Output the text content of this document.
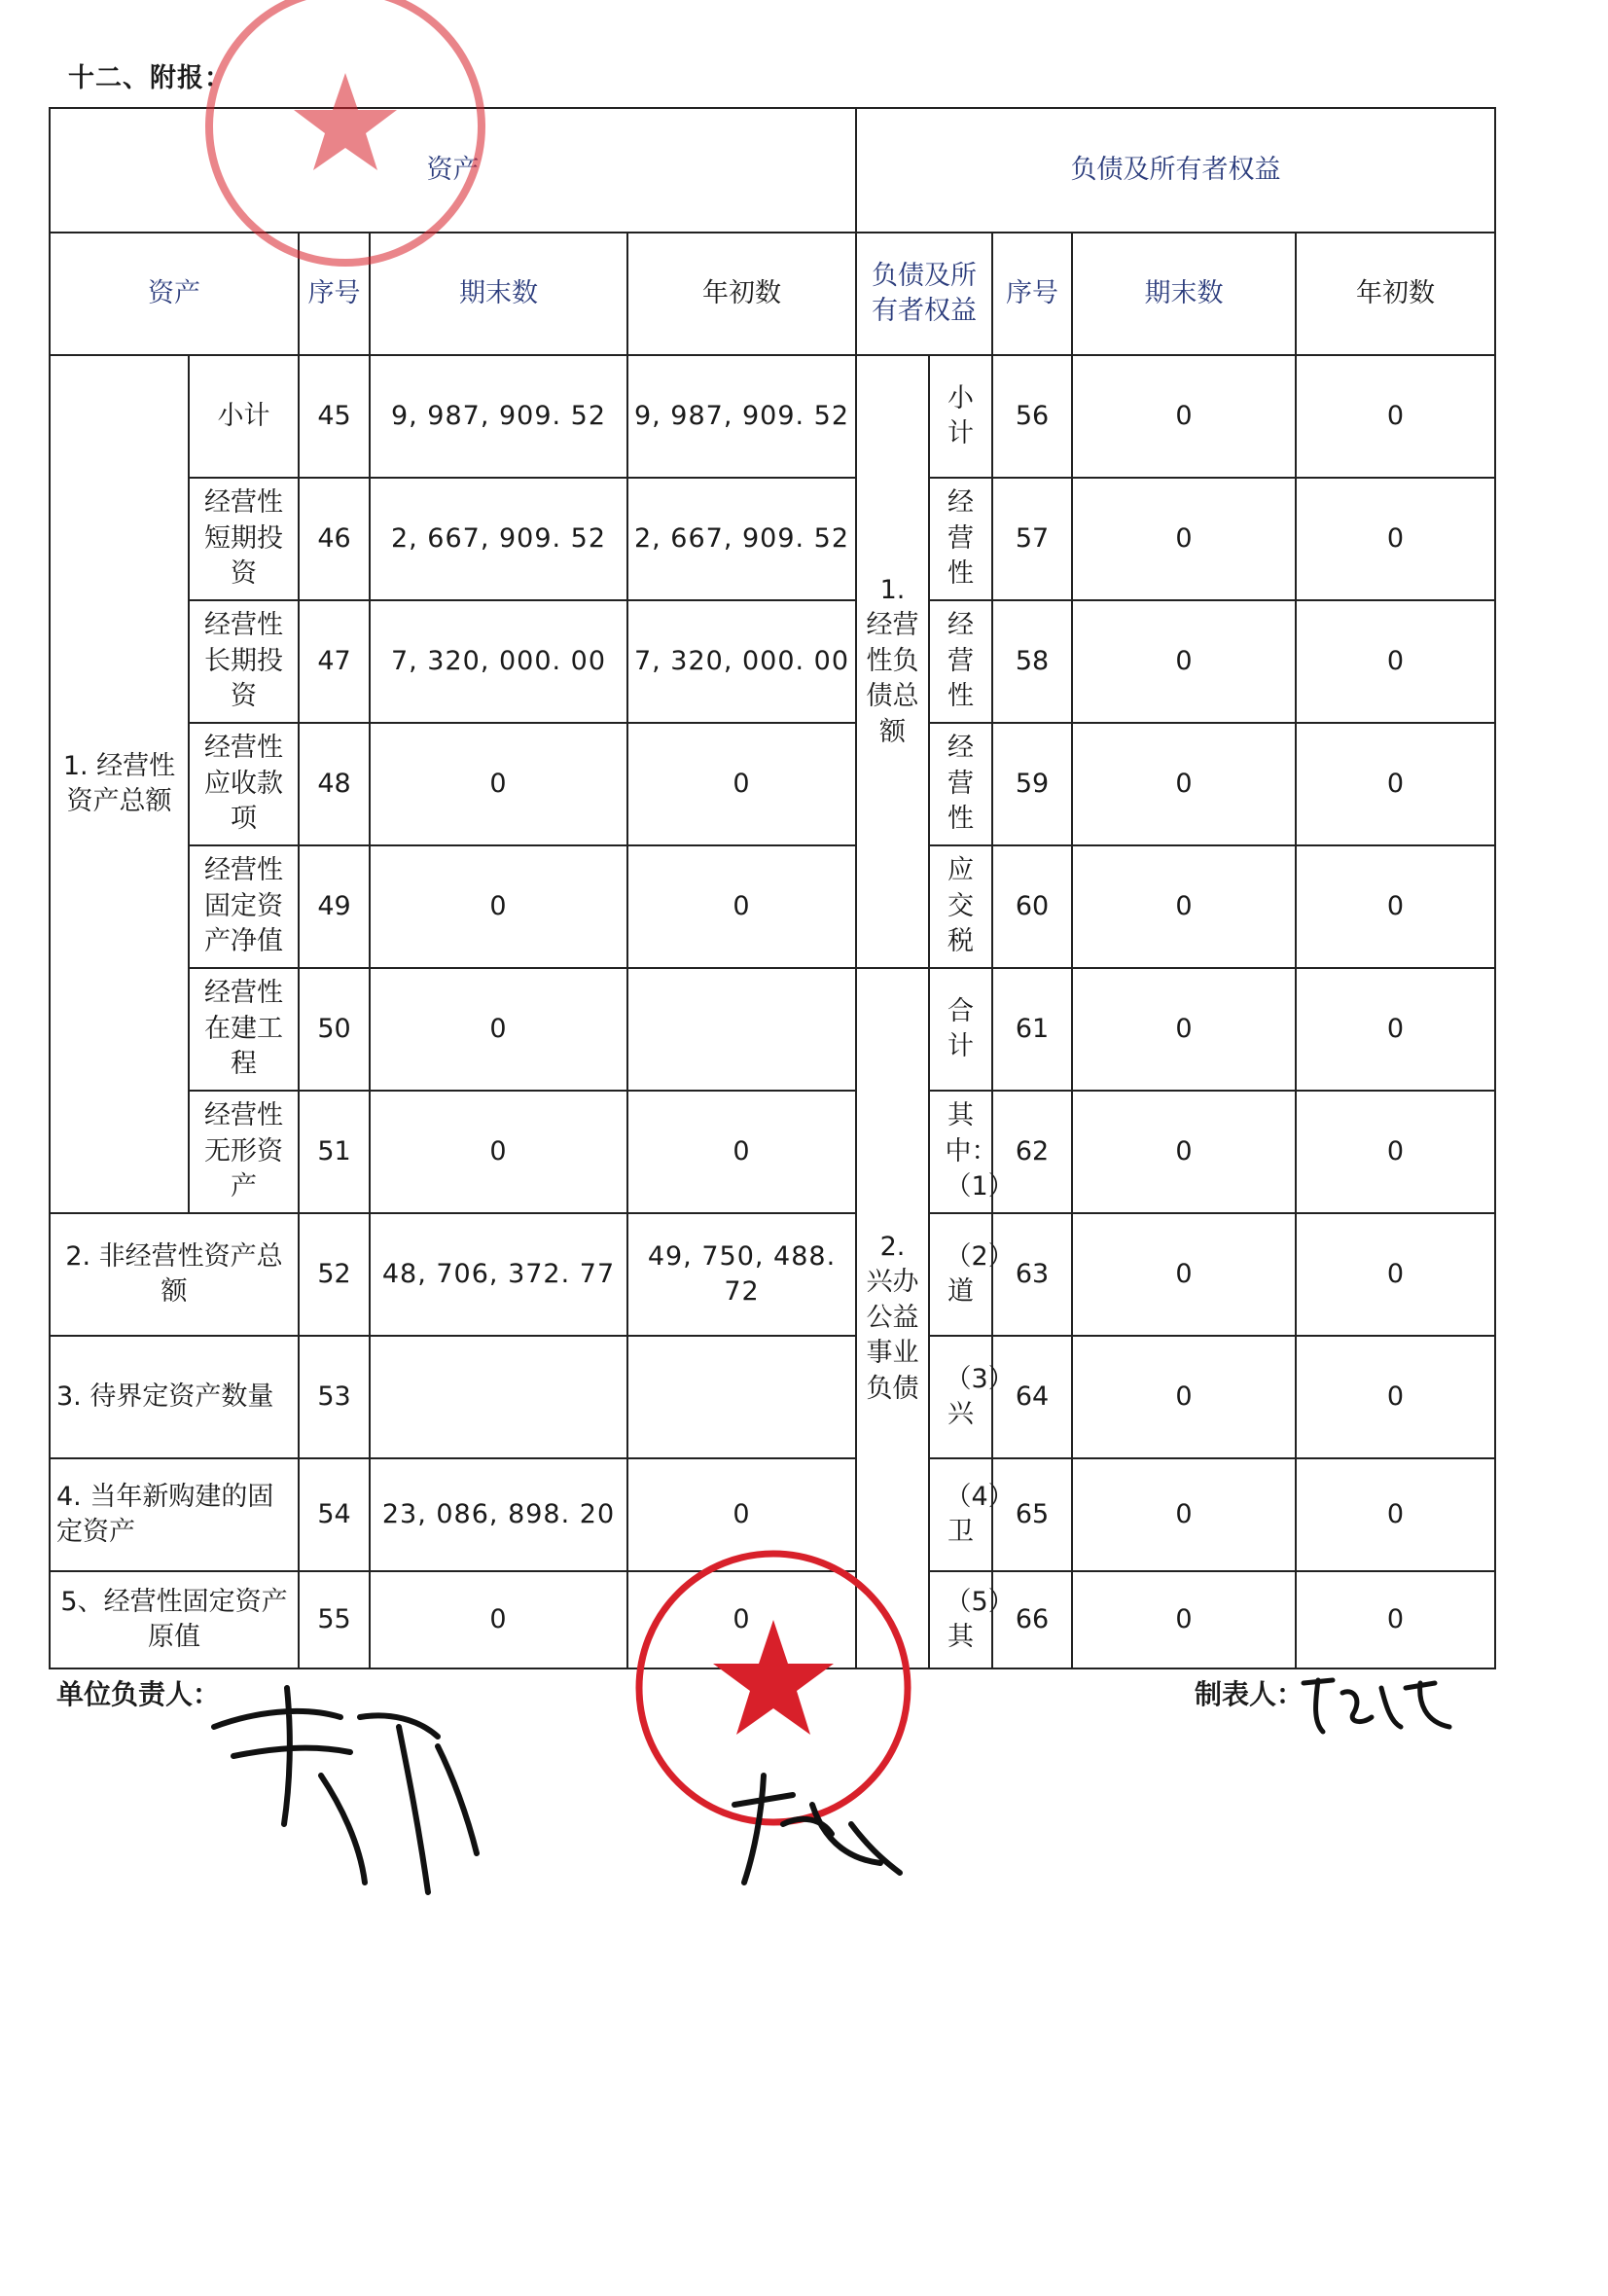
十二、附报：
资产					负债及所有者权益				
资产		序号	期末数	年初数	负债及所有者权益		序号	期末数	年初数
1. 经营性资产总额	小计	45	9, 987, 909. 52	9, 987, 909. 52	1. 经营性负债总额	小计	56	0	0
	经营性短期投资	46	2, 667, 909. 52	2, 667, 909. 52		经营性	57	0	0
	经营性长期投资	47	7, 320, 000. 00	7, 320, 000. 00		经营性	58	0	0
	经营性应收款项	48	0	0		经营性	59	0	0
	经营性固定资产净值	49	0	0		应交税	60	0	0
	经营性在建工程	50	0		2. 兴办公益事业负债	合计	61	0	0
	经营性无形资产	51	0	0		其中：（1）	62	0	0
2. 非经营性资产总额		52	48, 706, 372. 77	49, 750, 488. 72		（2）道	63	0	0
3. 待界定资产数量		53				（3）兴	64	0	0
4. 当年新购建的固定资产		54	23, 086, 898. 20	0		（4）卫	65	0	0
5、经营性固定资产原值		55	0	0		（5）其	66	0	0
单位负责人：	制表人：
